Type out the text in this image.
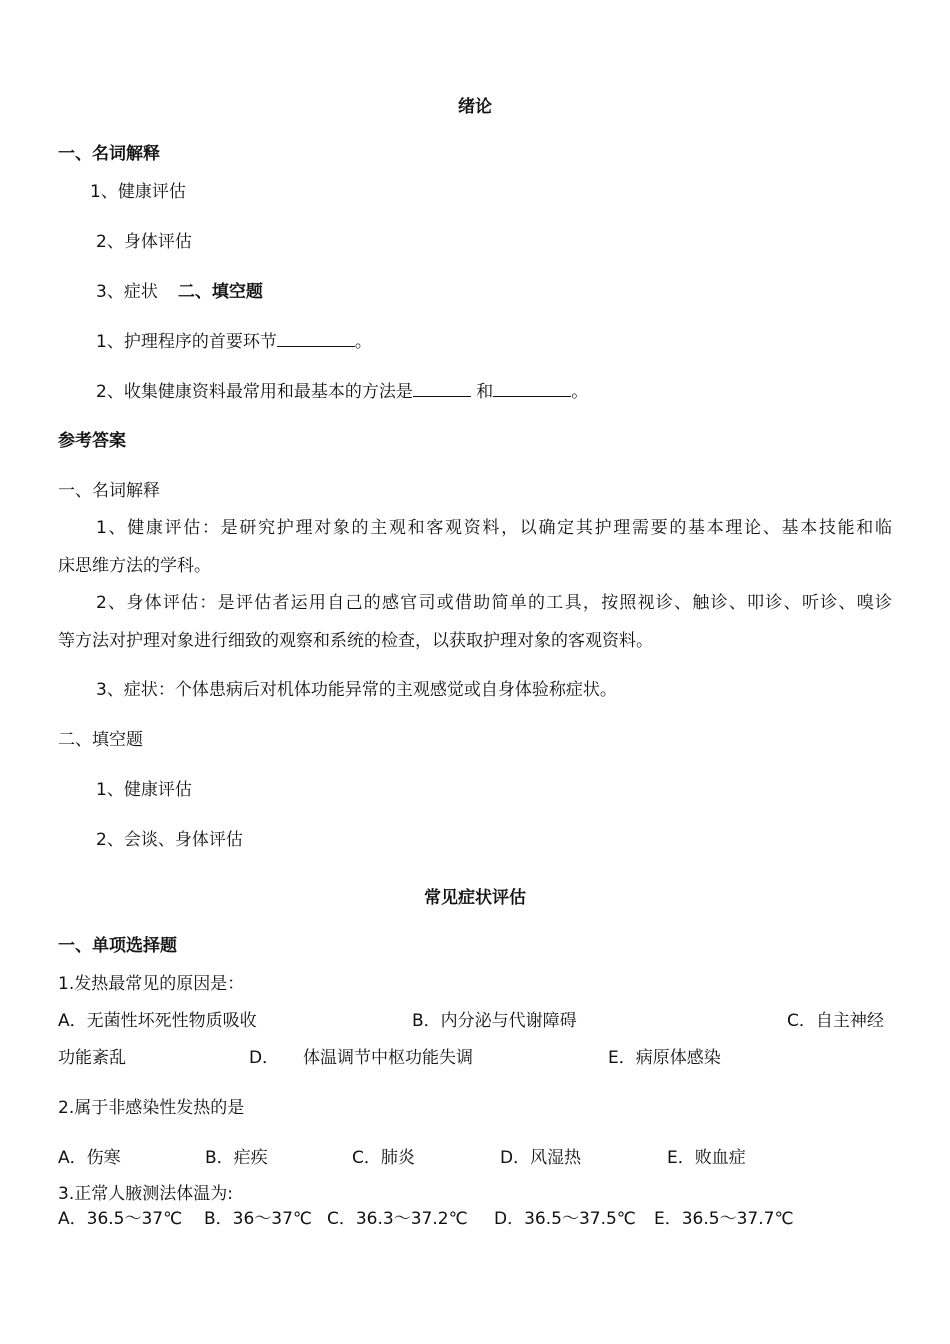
绪论
一、名词解释
1、健康评估
2、身体评估
3、症状 二、填空题
1、护理程序的首要环节	。
2、收集健康资料最常用和最基本的方法是	和	。
参考答案
一、名词解释
1、健康评估：是研究护理对象的主观和客观资料，以确定其护理需要的基本理论、基本技能和临
床思维方法的学科。
2、身体评估：是评估者运用自己的感官司或借助简单的工具，按照视诊、触诊、叩诊、听诊、嗅诊
等方法对护理对象进行细致的观察和系统的检查，以获取护理对象的客观资料。
3、症状：个体患病后对机体功能异常的主观感觉或自身体验称症状。
二、填空题
1、健康评估
2、会谈、身体评估
常见症状评估
一、单项选择题
1.发热最常见的原因是：
A．无菌性坏死性物质吸收	B．内分泌与代谢障碍	C．自主神经
功能紊乱	D． 体温调节中枢功能失调	E．病原体感染
2.属于非感染性发热的是
A．伤寒	B．疟疾	C．肺炎	D．风湿热	E．败血症
3.正常人腋测法体温为:
A．36.5～37℃ B．36～37℃ C．36.3～37.2℃ D．36.5～37.5℃ E．36.5～37.7℃
